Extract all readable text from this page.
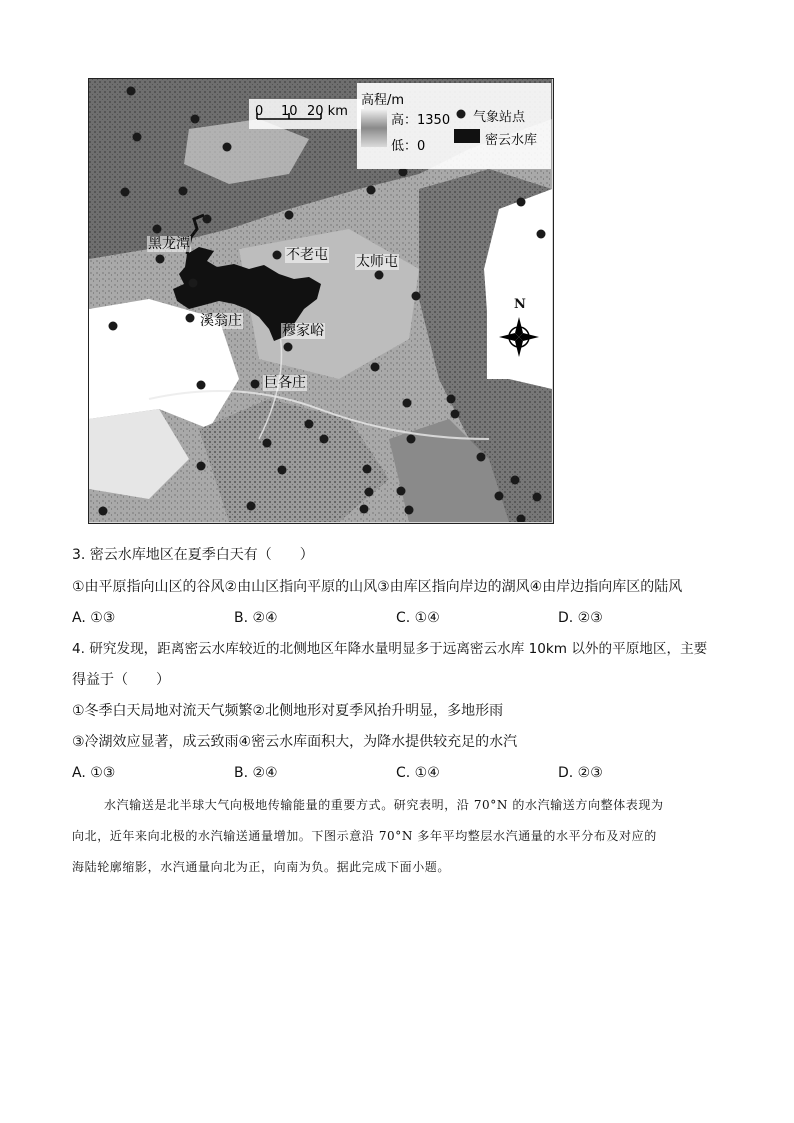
0 10 20 km
高程/m
高：1350
低：0
气象站点
密云水库
N
黑龙潭
不老屯 太师屯
溪翁庄
穆家峪
巨各庄
3. 密云水库地区在夏季白天有（　　）
①由平原指向山区的谷风②由山区指向平原的山风③由库区指向岸边的湖风④由岸边指向库区的陆风
A. ①③	B. ②④	C. ①④	D. ②③
4. 研究发现，距离密云水库较近的北侧地区年降水量明显多于远离密云水库 10km 以外的平原地区，主要
得益于（　　）
①冬季白天局地对流天气频繁②北侧地形对夏季风抬升明显，多地形雨
③冷湖效应显著，成云致雨④密云水库面积大，为降水提供较充足的水汽
A. ①③	B. ②④	C. ①④	D. ②③
水汽输送是北半球大气向极地传输能量的重要方式。研究表明，沿 70°N 的水汽输送方向整体表现为
向北，近年来向北极的水汽输送通量增加。下图示意沿 70°N 多年平均整层水汽通量的水平分布及对应的
海陆轮廓缩影，水汽通量向北为正，向南为负。据此完成下面小题。
